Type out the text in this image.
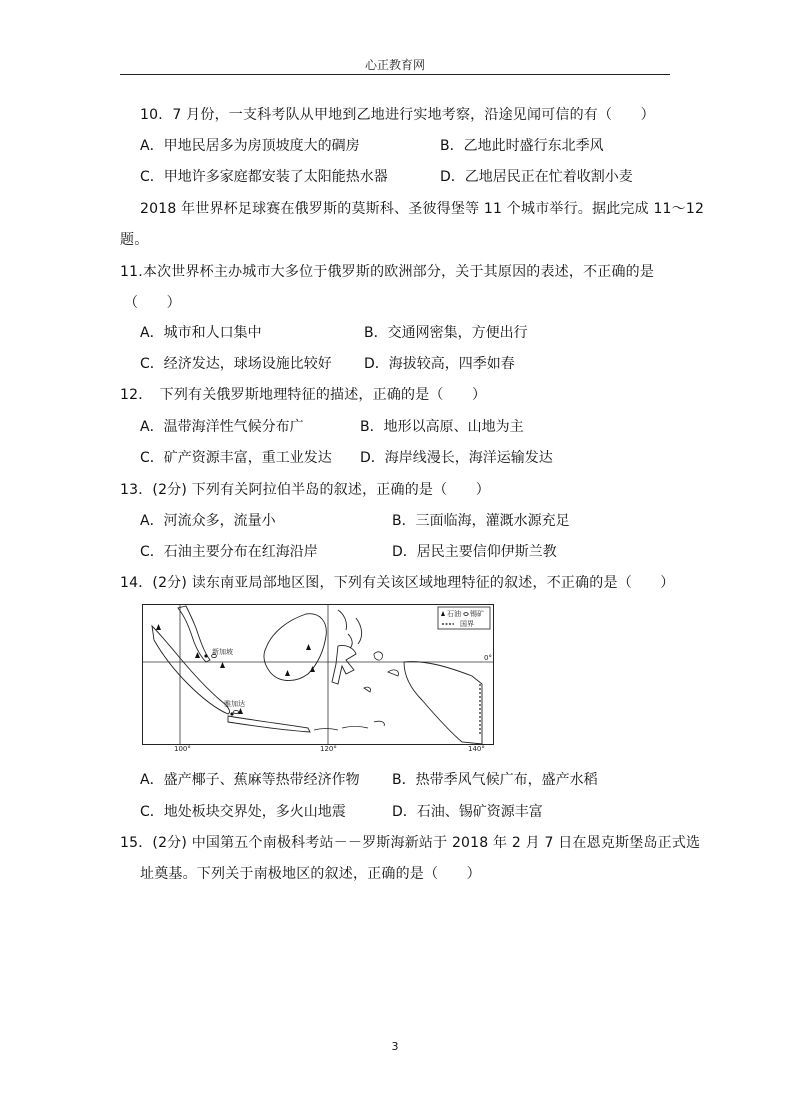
心正教育网

10．7 月份，一支科考队从甲地到乙地进行实地考察，沿途见闻可信的有（　　）
A．甲地民居多为房顶坡度大的碉房	B．乙地此时盛行东北季风
C．甲地许多家庭都安装了太阳能热水器	D．乙地居民正在忙着收割小麦
2018 年世界杯足球赛在俄罗斯的莫斯科、圣彼得堡等 11 个城市举行。据此完成 11～12
题。
11.本次世界杯主办城市大多位于俄罗斯的欧洲部分，关于其原因的表述，不正确的是
（　　）
A．城市和人口集中	B．交通网密集，方便出行
C．经济发达，球场设施比较好 D．海拔较高，四季如春
12．　下列有关俄罗斯地理特征的描述，正确的是（　　）
A．温带海洋性气候分布广	B．地形以高原、山地为主
C．矿产资源丰富，重工业发达 D．海岸线漫长，海洋运输发达
13．(2分) 下列有关阿拉伯半岛的叙述，正确的是（　　）
A．河流众多，流量小	B．三面临海，灌溉水源充足
C．石油主要分布在红海沿岸	D．居民主要信仰伊斯兰教
14．(2分) 读东南亚局部地区图，下列有关该区域地理特征的叙述，不正确的是（　　）
新加坡
雅加达
石油 锡矿
国界
100°	120°	140°
0°
A．盛产椰子、蕉麻等热带经济作物 B．热带季风气候广布，盛产水稻
C．地处板块交界处，多火山地震	D．石油、锡矿资源丰富
15．(2分) 中国第五个南极科考站－－罗斯海新站于 2018 年 2 月 7 日在恩克斯堡岛正式选
址奠基。下列关于南极地区的叙述，正确的是（　　）
3
